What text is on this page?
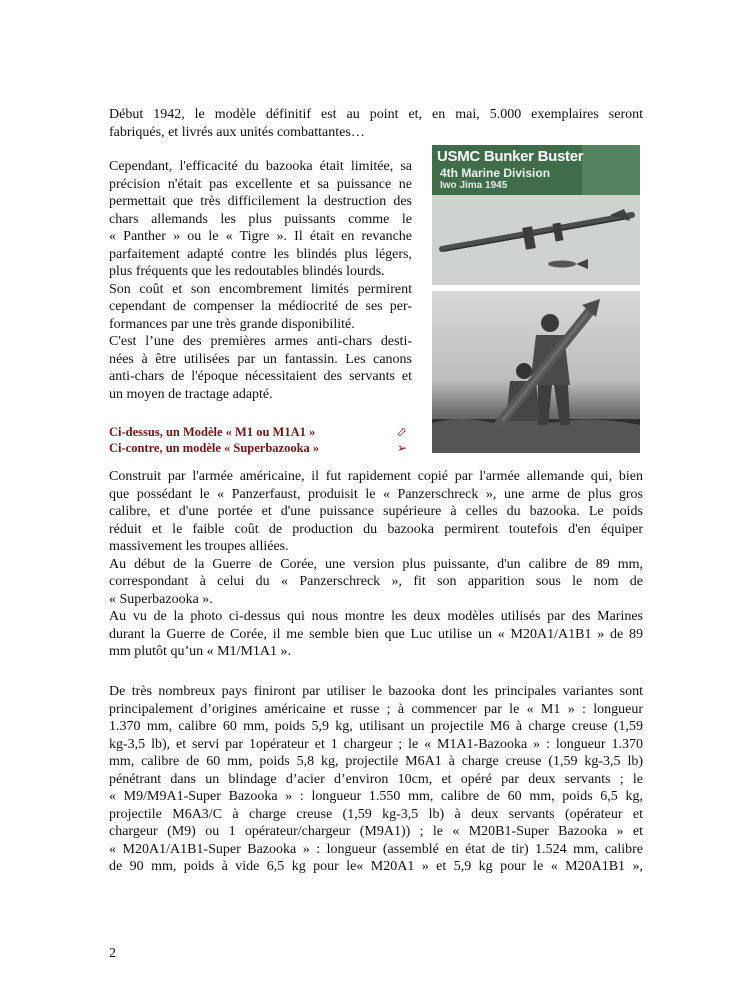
Début 1942, le modèle définitif est au point et, en mai, 5.000 exemplaires seront
fabriqués, et livrés aux unités combattantes…
Cependant, l'efficacité du bazooka était limitée, sa
précision n'était pas excellente et sa puissance ne
permettait que très difficilement la destruction des
chars allemands les plus puissants comme le
« Panther » ou le « Tigre ». Il était en revanche
parfaitement adapté contre les blindés plus légers,
plus fréquents que les redoutables blindés lourds.
Son coût et son encombrement limités permirent
cependant de compenser la médiocrité de ses per-
formances par une très grande disponibilité.
C'est l’une des premières armes anti-chars desti-
nées à être utilisées par un fantassin. Les canons
anti-chars de l'époque nécessitaient des servants et
un moyen de tractage adapté.
Ci-dessus, un Modèle « M1 ou M1A1 »	⬀
Ci-contre, un modèle « Superbazooka »	➢
USMC Bunker Buster
4th Marine Division
Iwo Jima 1945
Construit par l'armée américaine, il fut rapidement copié par l'armée allemande qui, bien
que possédant le « Panzerfaust, produisit le « Panzerschreck », une arme de plus gros
calibre, et d'une portée et d'une puissance supérieure à celles du bazooka. Le poids
réduit et le faible coût de production du bazooka permirent toutefois d'en équiper
massivement les troupes alliées.
Au début de la Guerre de Corée, une version plus puissante, d'un calibre de 89 mm,
correspondant à celui du « Panzerschreck », fit son apparition sous le nom de
« Superbazooka ».
Au vu de la photo ci-dessus qui nous montre les deux modèles utilisés par des Marines
durant la Guerre de Corée, il me semble bien que Luc utilise un « M20A1/A1B1 » de 89
mm plutôt qu’un « M1/M1A1 ».
De très nombreux pays finiront par utiliser le bazooka dont les principales variantes sont
principalement d’origines américaine et russe ; à commencer par le « M1 » : longueur
1.370 mm, calibre 60 mm, poids 5,9 kg, utilisant un projectile M6 à charge creuse (1,59
kg-3,5 lb), et servi par 1opérateur et 1 chargeur ; le « M1A1-Bazooka » : longueur 1.370
mm, calibre de 60 mm, poids 5,8 kg, projectile M6A1 à charge creuse (1,59 kg-3,5 lb)
pénétrant dans un blindage d’acier d’environ 10cm, et opéré par deux servants ; le
« M9/M9A1-Super Bazooka » : longueur 1.550 mm, calibre de 60 mm, poids 6,5 kg,
projectile M6A3/C à charge creuse (1,59 kg-3,5 lb) à deux servants (opérateur et
chargeur (M9) ou 1 opérateur/chargeur (M9A1)) ; le « M20B1-Super Bazooka » et
« M20A1/A1B1-Super Bazooka » : longueur (assemblé en état de tir) 1.524 mm, calibre
de 90 mm, poids à vide 6,5 kg pour le« M20A1 » et 5,9 kg pour le « M20A1B1 »,
2
